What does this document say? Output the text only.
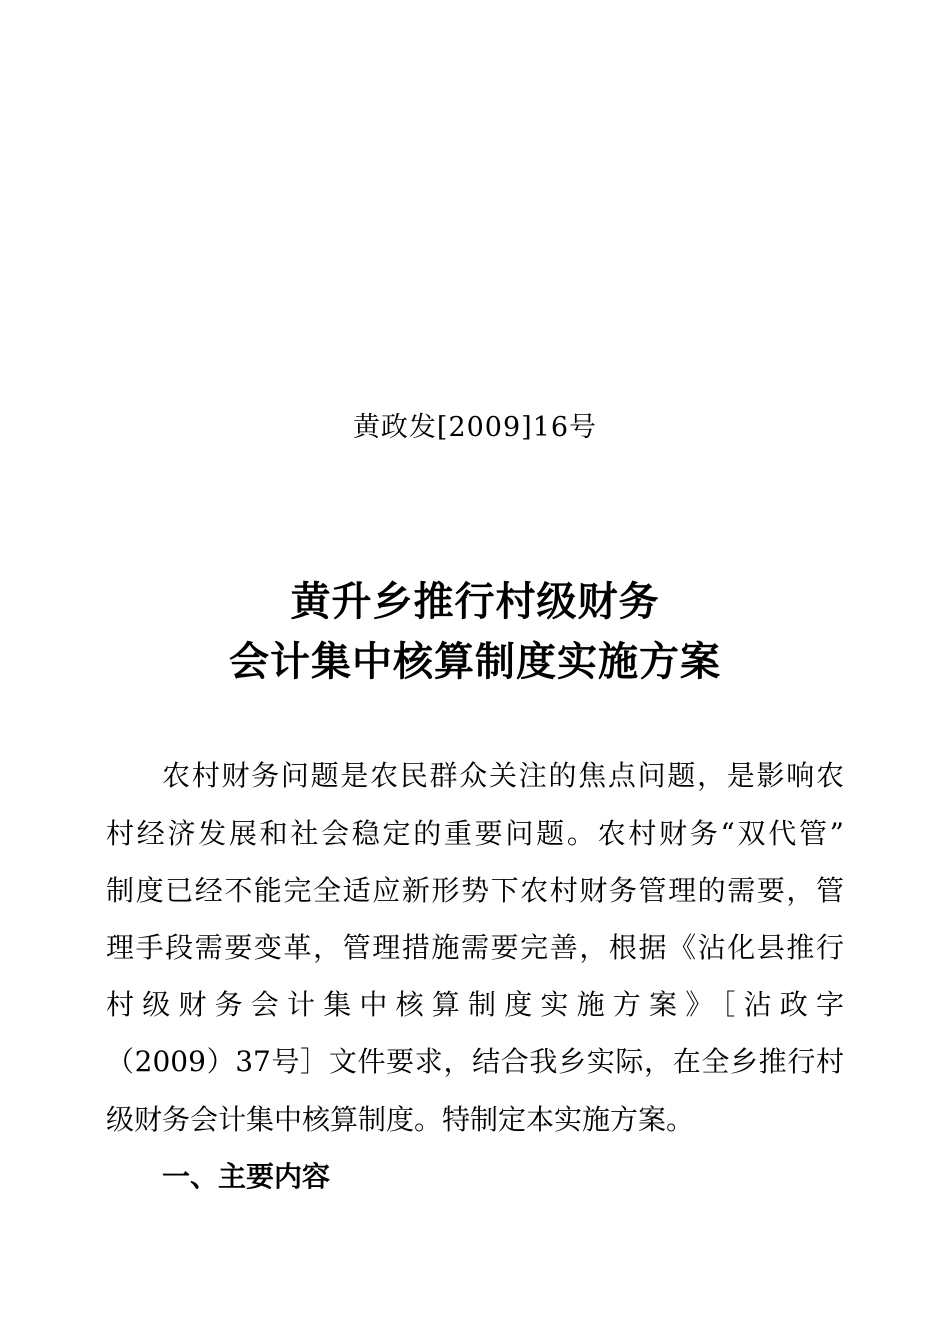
黄政发[2009]16号
黄升乡推行村级财务
会计集中核算制度实施方案
农村财务问题是农民群众关注的焦点问题，是影响农
村经济发展和社会稳定的重要问题。农村财务“双代管”
制度已经不能完全适应新形势下农村财务管理的需要，管
理手段需要变革，管理措施需要完善，根据《沾化县推行
村级财务会计集中核算制度实施方案》［沾政字
（2009）37号］文件要求，结合我乡实际，在全乡推行村
级财务会计集中核算制度。特制定本实施方案。
一、主要内容
